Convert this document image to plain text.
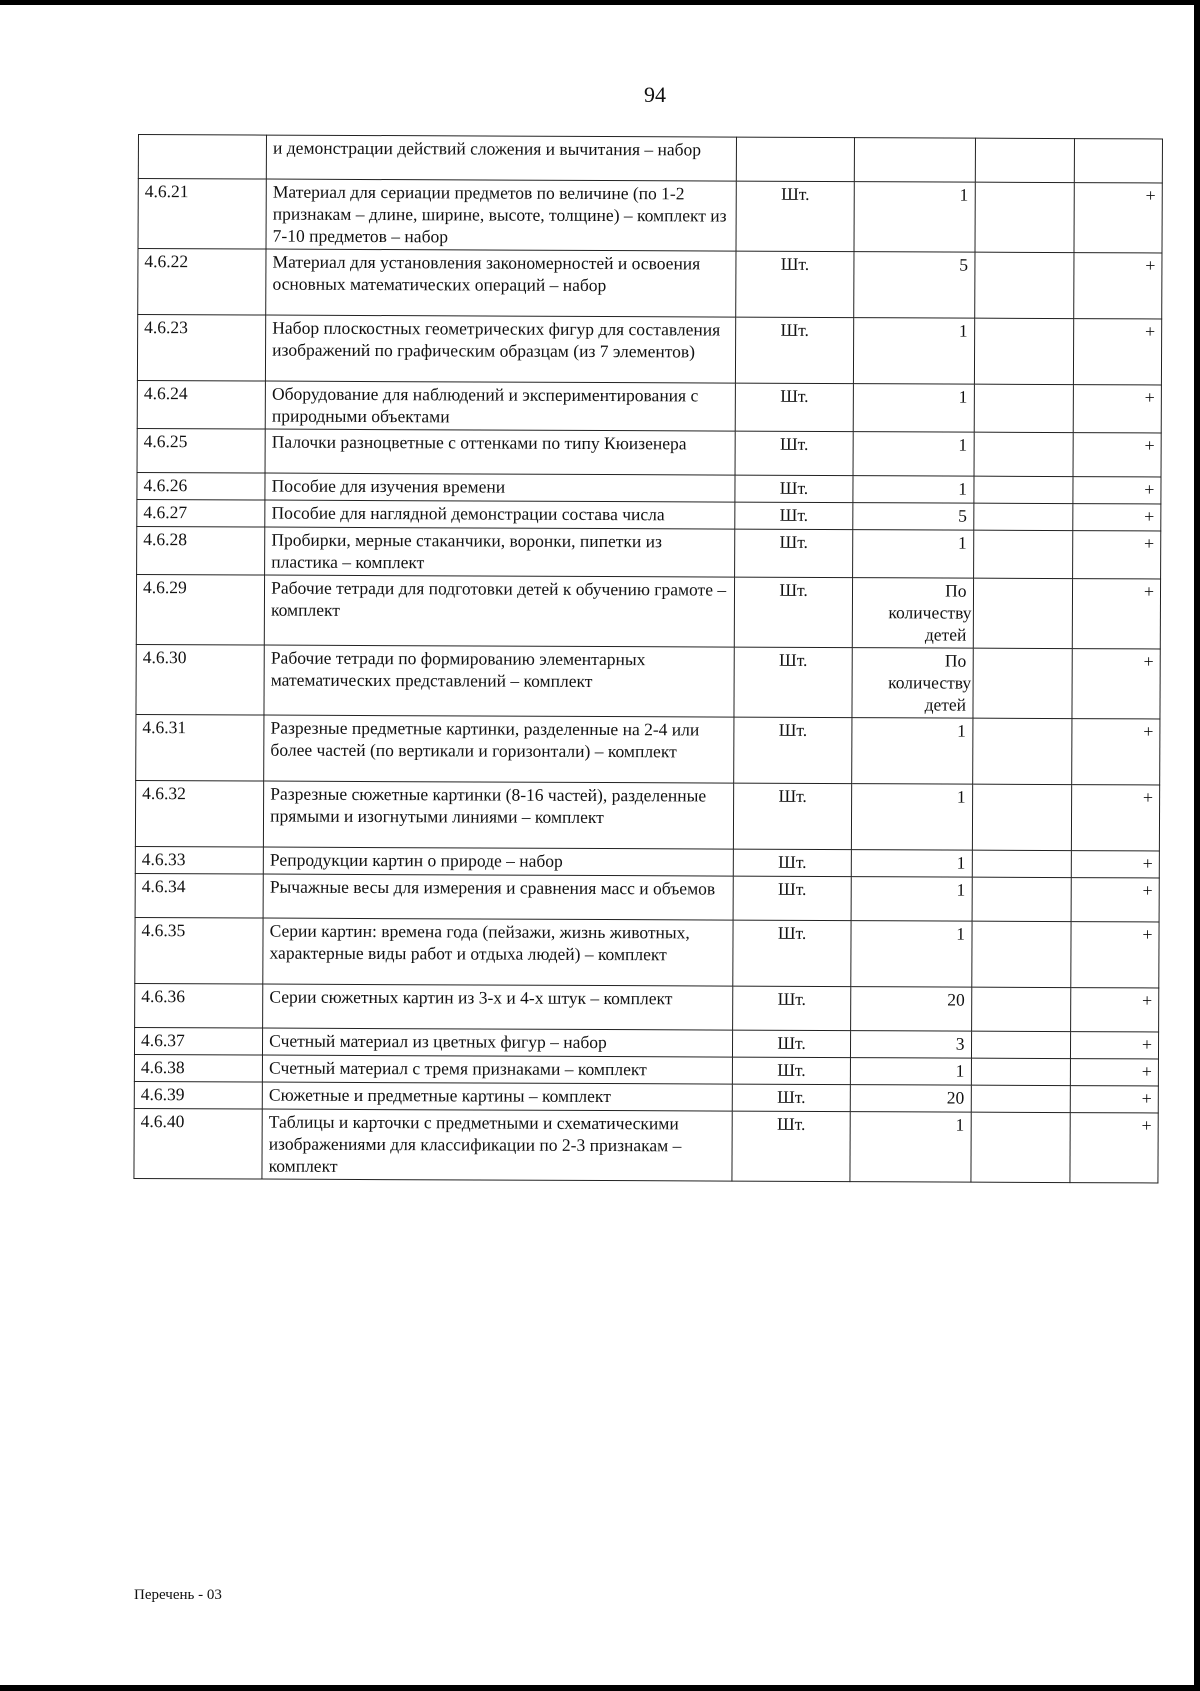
94
	и демонстрации действий сложения и вычитания – набор				
4.6.21	Материал для сериации предметов по величине (по 1-2 признакам – длине, ширине, высоте, толщине) – комплект из 7-10 предметов – набор	Шт.	1		+
4.6.22	Материал для установления закономерностей и освоения основных математических операций – набор	Шт.	5		+
4.6.23	Набор плоскостных геометрических фигур для составления изображений по графическим образцам (из 7 элементов)	Шт.	1		+
4.6.24	Оборудование для наблюдений и экспериментирования с природными объектами	Шт.	1		+
4.6.25	Палочки разноцветные с оттенками по типу Кюизенера	Шт.	1		+
4.6.26	Пособие для изучения времени	Шт.	1		+
4.6.27	Пособие для наглядной демонстрации состава числа	Шт.	5		+
4.6.28	Пробирки, мерные стаканчики, воронки, пипетки из пластика – комплект	Шт.	1		+
4.6.29	Рабочие тетради для подготовки детей к обучению грамоте – комплект	Шт.	По количеству детей		+
4.6.30	Рабочие тетради по формированию элементарных математических представлений – комплект	Шт.	По количеству детей		+
4.6.31	Разрезные предметные картинки, разделенные на 2-4 или более частей (по вертикали и горизонтали) – комплект	Шт.	1		+
4.6.32	Разрезные сюжетные картинки (8-16 частей), разделенные прямыми и изогнутыми линиями – комплект	Шт.	1		+
4.6.33	Репродукции картин о природе – набор	Шт.	1		+
4.6.34	Рычажные весы для измерения и сравнения масс и объемов	Шт.	1		+
4.6.35	Серии картин: времена года (пейзажи, жизнь животных, характерные виды работ и отдыха людей) – комплект	Шт.	1		+
4.6.36	Серии сюжетных картин из 3-х и 4-х штук – комплект	Шт.	20		+
4.6.37	Счетный материал из цветных фигур – набор	Шт.	3		+
4.6.38	Счетный материал с тремя признаками – комплект	Шт.	1		+
4.6.39	Сюжетные и предметные картины – комплект	Шт.	20		+
4.6.40	Таблицы и карточки с предметными и схематическими изображениями для классификации по 2-3 признакам – комплект	Шт.	1		+
Перечень - 03
